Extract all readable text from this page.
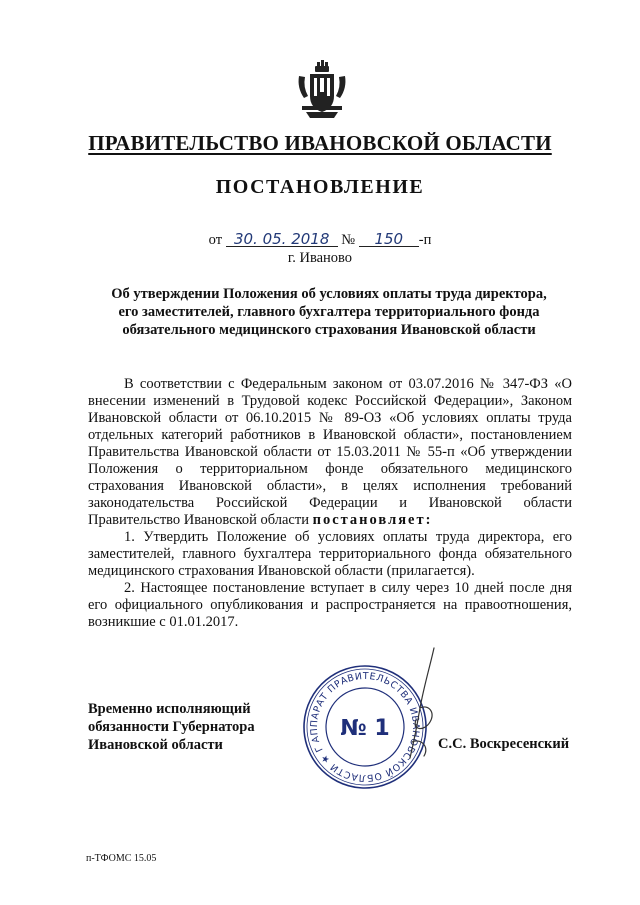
ПРАВИТЕЛЬСТВО ИВАНОВСКОЙ ОБЛАСТИ
ПОСТАНОВЛЕНИЕ
от 30. 05. 2018 № 150 -п
г. Иваново
Об утверждении Положения об условиях оплаты труда директора,
его заместителей, главного бухгалтера территориального фонда
обязательного медицинского страхования Ивановской области

В соответствии с Федеральным законом от 03.07.2016 № 347-ФЗ «О внесении изменений в Трудовой кодекс Российской Федерации», Законом Ивановской области от 06.10.2015 № 89-ОЗ «Об условиях оплаты труда отдельных категорий работников в Ивановской области», постановлением Правительства Ивановской области от 15.03.2011 № 55-п «Об утверждении Положения о территориальном фонде обязательного медицинского страхования Ивановской области», в целях исполнения требований законодательства Российской Федерации и Ивановской области Правительство Ивановской области постановляет:

1. Утвердить Положение об условиях оплаты труда директора, его заместителей, главного бухгалтера территориального фонда обязательного медицинского страхования Ивановской области (прилагается).

2. Настоящее постановление вступает в силу через 10 дней после дня его официального опубликования и распространяется на правоотношения, возникшие с 01.01.2017.

Временно исполняющий
обязанности Губернатора
Ивановской области	АППАРАТ ПРАВИТЕЛЬСТВА ИВАНОВСКОЙ ОБЛАСТИ ★ ГЛАВНОЕ
№ 1
С.С. Воскресенский
п-ТФОМС 15.05
